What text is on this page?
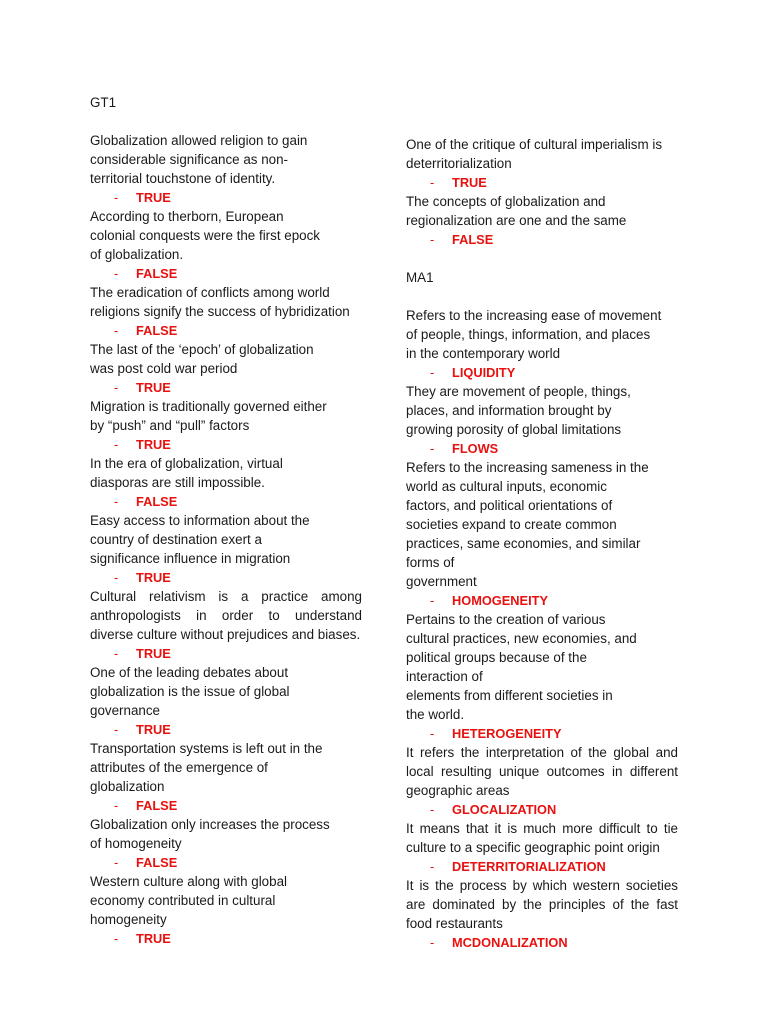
GT1

Globalization allowed religion to gain
considerable significance as non-
territorial touchstone of identity.

- TRUE

According to therborn, European
colonial conquests were the first epock
of globalization.

- FALSE

The eradication of conflicts among world
religions signify the success of hybridization

- FALSE

The last of the ‘epoch’ of globalization
was post cold war period

- TRUE

Migration is traditionally governed either
by “push” and “pull” factors

- TRUE

In the era of globalization, virtual
diasporas are still impossible.

- FALSE

Easy access to information about the
country of destination exert a
significance influence in migration

- TRUE

Cultural relativism is a practice among anthropologists in order to understand diverse culture without prejudices and biases.

- TRUE

One of the leading debates about
globalization is the issue of global
governance

- TRUE

Transportation systems is left out in the
attributes of the emergence of
globalization

- FALSE

Globalization only increases the process
of homogeneity

- FALSE

Western culture along with global
economy contributed in cultural
homogeneity

- TRUE

One of the critique of cultural imperialism is
deterritorialization

- TRUE

The concepts of globalization and
regionalization are one and the same

- FALSE

MA1

Refers to the increasing ease of movement
of people, things, information, and places
in the contemporary world

- LIQUIDITY

They are movement of people, things,
places, and information brought by
growing porosity of global limitations

- FLOWS

Refers to the increasing sameness in the
world as cultural inputs, economic
factors, and political orientations of
societies expand to create common
practices, same economies, and similar
forms of
government

- HOMOGENEITY

Pertains to the creation of various
cultural practices, new economies, and
political groups because of the
interaction of
elements from different societies in
the world.

- HETEROGENEITY

It refers the interpretation of the global and local resulting unique outcomes in different geographic areas

- GLOCALIZATION

It means that it is much more difficult to tie culture to a specific geographic point origin

- DETERRITORIALIZATION

It is the process by which western societies are dominated by the principles of the fast food restaurants

- MCDONALIZATION
